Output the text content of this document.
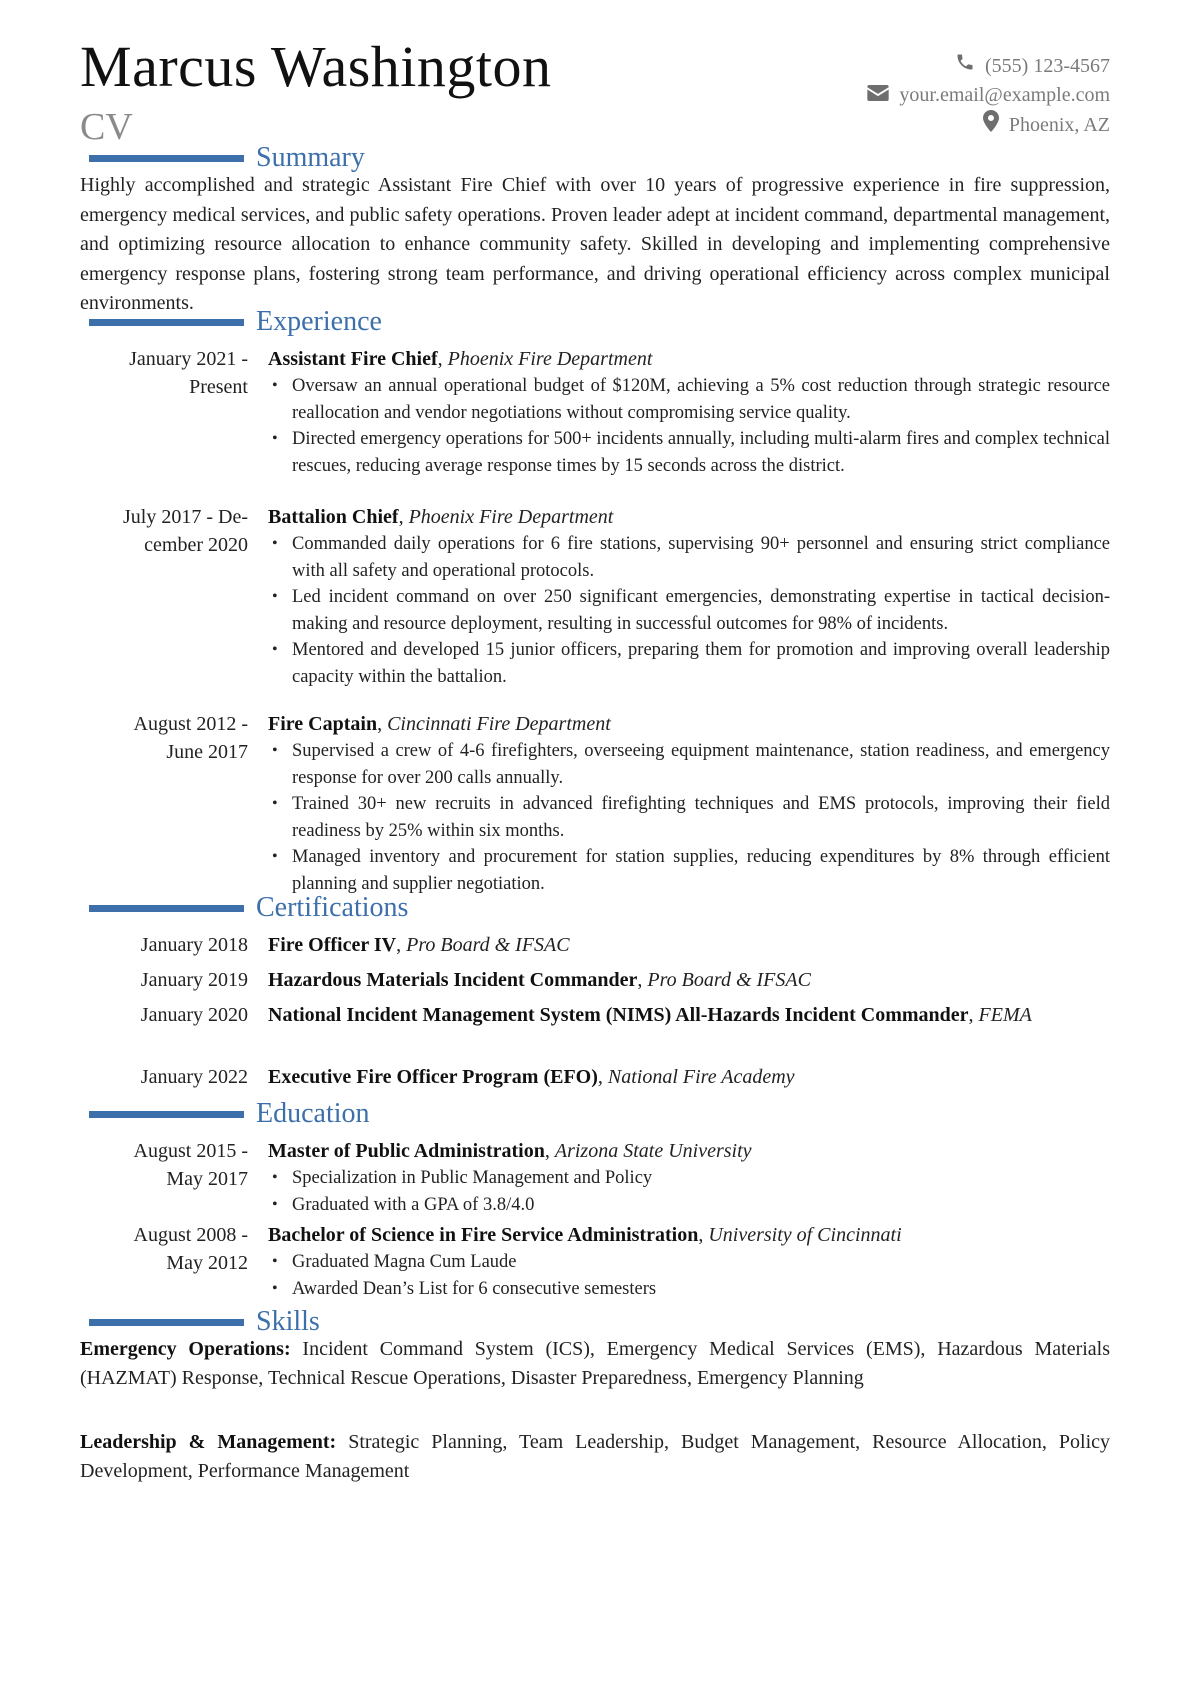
Marcus Washington
CV
(555) 123-4567
your.email@example.com
Phoenix, AZ
Summary
Highly accomplished and strategic Assistant Fire Chief with over 10 years of progressive experience in fire suppression, emergency medical services, and public safety operations. Proven leader adept at incident command, departmental management, and optimizing resource allocation to enhance community safety. Skilled in developing and implementing comprehensive emergency response plans, fostering strong team performance, and driving operational efficiency across complex municipal environments.
Experience
January 2021 -
Present
Assistant Fire Chief, Phoenix Fire Department
• Oversaw an annual operational budget of $120M, achieving a 5% cost reduction through strategic resource reallocation and vendor negotiations without compromising service quality.
• Directed emergency operations for 500+ incidents annually, including multi-alarm fires and complex technical rescues, reducing average response times by 15 seconds across the district.
July 2017 - De-
cember 2020
Battalion Chief, Phoenix Fire Department
• Commanded daily operations for 6 fire stations, supervising 90+ personnel and ensuring strict compliance with all safety and operational protocols.
• Led incident command on over 250 significant emergencies, demonstrating expertise in tactical decision-making and resource deployment, resulting in successful outcomes for 98% of incidents.
• Mentored and developed 15 junior officers, preparing them for promotion and improving overall leadership capacity within the battalion.
August 2012 -
June 2017
Fire Captain, Cincinnati Fire Department
• Supervised a crew of 4-6 firefighters, overseeing equipment maintenance, station readiness, and emergency response for over 200 calls annually.
• Trained 30+ new recruits in advanced firefighting techniques and EMS protocols, improving their field readiness by 25% within six months.
• Managed inventory and procurement for station supplies, reducing expenditures by 8% through efficient planning and supplier negotiation.
Certifications
January 2018 Fire Officer IV, Pro Board & IFSAC
January 2019 Hazardous Materials Incident Commander, Pro Board & IFSAC
January 2020 National Incident Management System (NIMS) All-Hazards Incident Commander, FEMA
January 2022 Executive Fire Officer Program (EFO), National Fire Academy
Education
August 2015 -
May 2017
Master of Public Administration, Arizona State University
• Specialization in Public Management and Policy
• Graduated with a GPA of 3.8/4.0
August 2008 -
May 2012
Bachelor of Science in Fire Service Administration, University of Cincinnati
• Graduated Magna Cum Laude
• Awarded Dean’s List for 6 consecutive semesters
Skills
Emergency Operations: Incident Command System (ICS), Emergency Medical Services (EMS), Hazardous Materials (HAZMAT) Response, Technical Rescue Operations, Disaster Preparedness, Emergency Planning
Leadership & Management: Strategic Planning, Team Leadership, Budget Management, Resource Allocation, Policy Development, Performance Management
